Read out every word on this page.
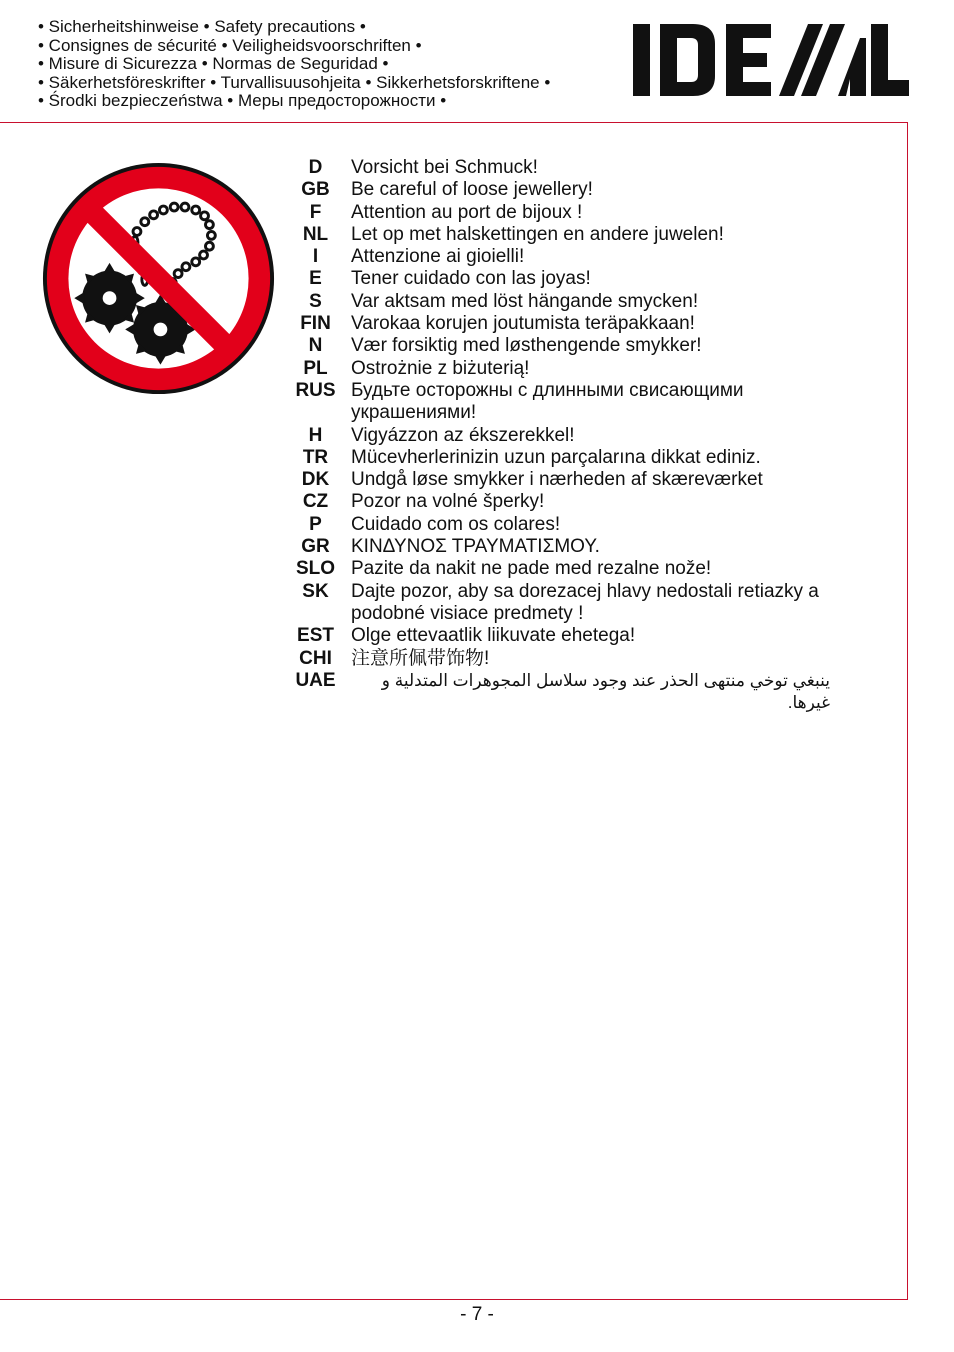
• Sicherheitshinweise • Safety precautions •
• Consignes de sécurité • Veiligheidsvoorschriften •
• Misure di Sicurezza • Normas de Seguridad •
• Säkerhetsföreskrifter • Turvallisuusohjeita • Sikkerhetsforskriftene •
• Środki bezpieczeństwa • Меры предосторожности •
D	Vorsicht bei Schmuck!
GB	Be careful of loose jewellery!
F	Attention au port de bijoux !
NL	Let op met halskettingen en andere juwelen!
I	Attenzione ai gioielli!
E	Tener cuidado con las joyas!
S	Var aktsam med löst hängande smycken!
FIN	Varokaa korujen joutumista teräpakkaan!
N	Vær forsiktig med løsthengende smykker!
PL	Ostrożnie z biżuterią!
RUS Будьте осторожны с длинными свисающими украшениями!
H	Vigyázzon az ékszerekkel!
TR	Mücevherlerinizin uzun parçalarına dikkat ediniz.
DK	Undgå løse smykker i nærheden af skæreværket
CZ	Pozor na volné šperky!
P	Cuidado com os colares!
GR	ΚΙΝΔΥΝΟΣ ΤΡΑΥΜΑΤΙΣΜΟΥ.
SLO Pazite da nakit ne pade med rezalne nože!
SK	Dajte pozor, aby sa dorezacej hlavy nedostali retiazky a podobné visiace predmety !
EST Olge ettevaatlik liikuvate ehetega!
CHI	注意所佩带饰物!
UAE	ينبغي توخي منتهى الحذر عند وجود سلاسل المجوهرات المتدلية و غيرها.
- 7 -
